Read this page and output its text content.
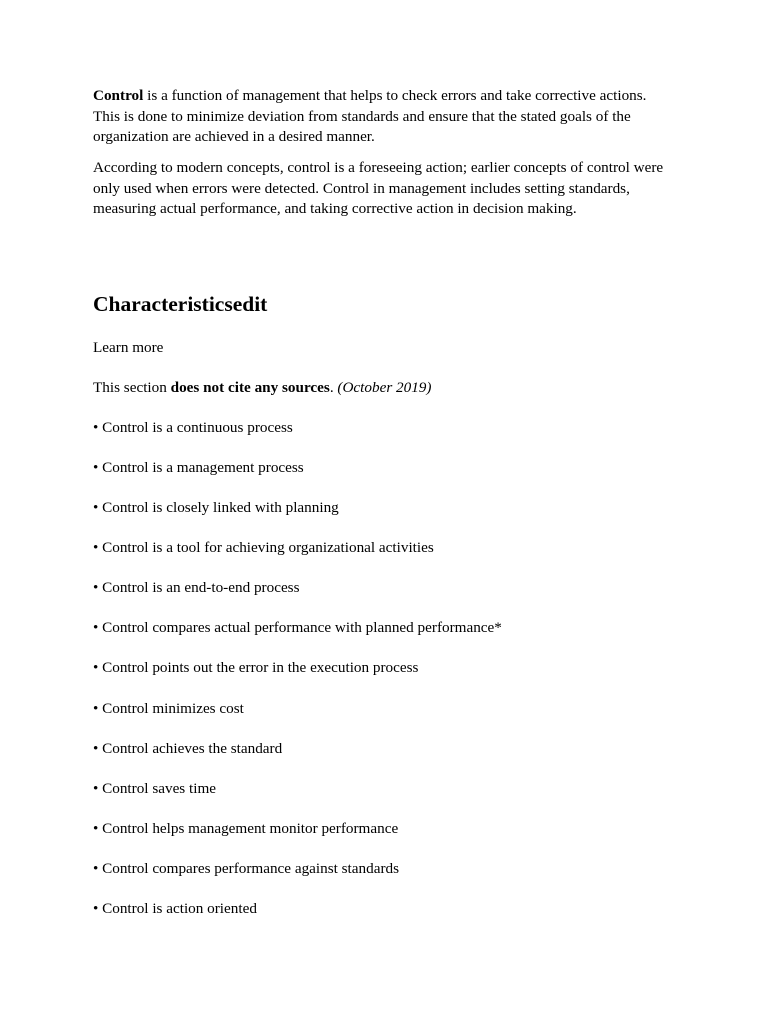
Control is a function of management that helps to check errors and take corrective actions. This is done to minimize deviation from standards and ensure that the stated goals of the organization are achieved in a desired manner.

According to modern concepts, control is a foreseeing action; earlier concepts of control were only used when errors were detected. Control in management includes setting standards, measuring actual performance, and taking corrective action in decision making.

Characteristicsedit

Learn more

This section does not cite any sources. (October 2019)

• Control is a continuous process

• Control is a management process

• Control is closely linked with planning

• Control is a tool for achieving organizational activities

• Control is an end-to-end process

• Control compares actual performance with planned performance*

• Control points out the error in the execution process

• Control minimizes cost

• Control achieves the standard

• Control saves time

• Control helps management monitor performance

• Control compares performance against standards

• Control is action oriented
